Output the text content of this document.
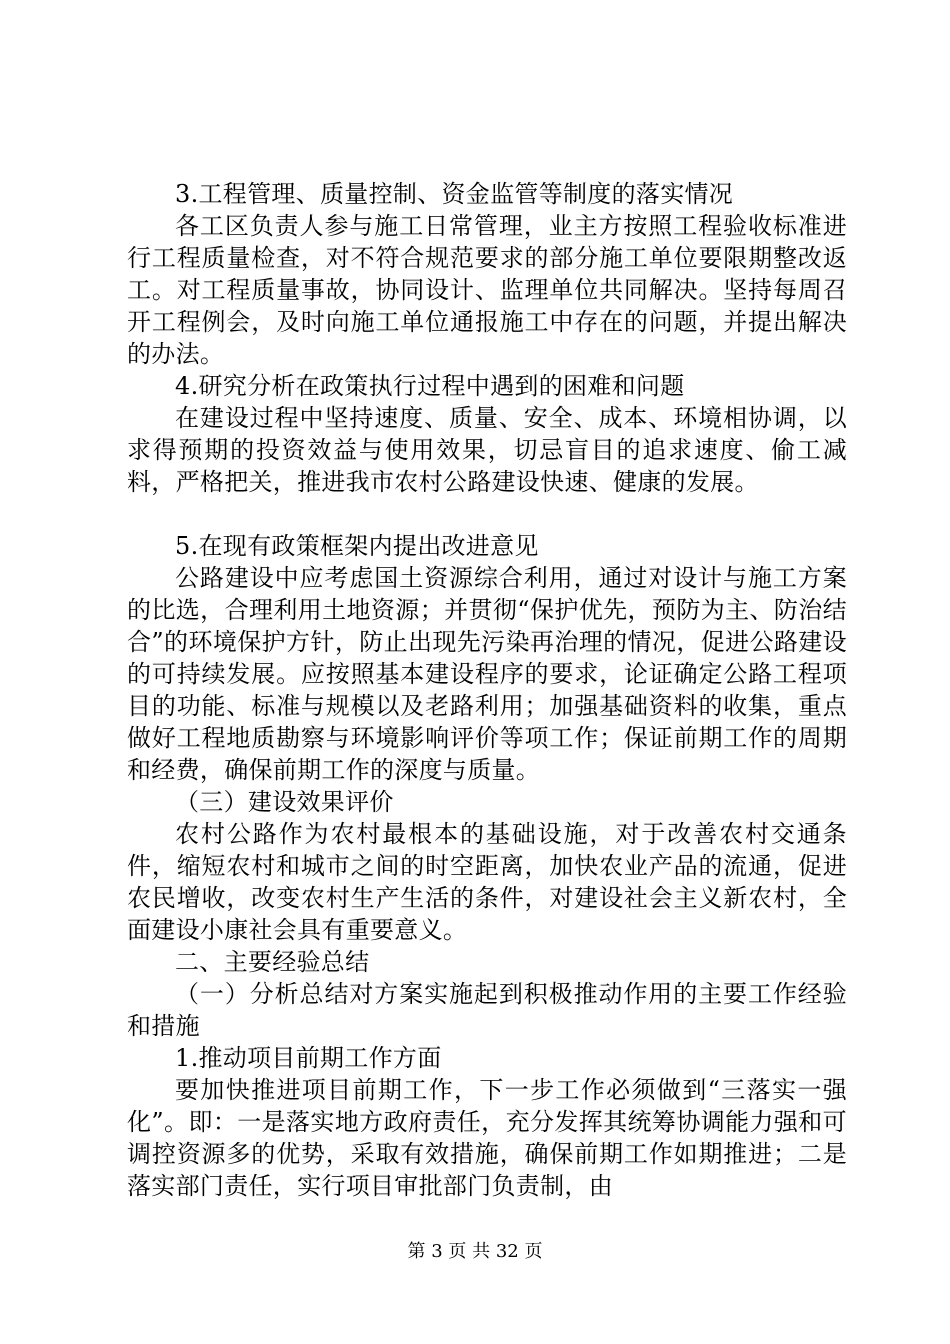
3.工程管理、质量控制、资金监管等制度的落实情况

各工区负责人参与施工日常管理，业主方按照工程验收标准进行工程质量检查，对不符合规范要求的部分施工单位要限期整改返工。对工程质量事故，协同设计、监理单位共同解决。坚持每周召开工程例会，及时向施工单位通报施工中存在的问题，并提出解决的办法。

4.研究分析在政策执行过程中遇到的困难和问题

在建设过程中坚持速度、质量、安全、成本、环境相协调，以求得预期的投资效益与使用效果，切忌盲目的追求速度、偷工减料，严格把关，推进我市农村公路建设快速、健康的发展。

5.在现有政策框架内提出改进意见

公路建设中应考虑国土资源综合利用，通过对设计与施工方案的比选，合理利用土地资源；并贯彻“保护优先，预防为主、防治结合”的环境保护方针，防止出现先污染再治理的情况，促进公路建设的可持续发展。应按照基本建设程序的要求，论证确定公路工程项目的功能、标准与规模以及老路利用；加强基础资料的收集，重点做好工程地质勘察与环境影响评价等项工作；保证前期工作的周期和经费，确保前期工作的深度与质量。

（三）建设效果评价

农村公路作为农村最根本的基础设施，对于改善农村交通条件，缩短农村和城市之间的时空距离，加快农业产品的流通，促进农民增收，改变农村生产生活的条件，对建设社会主义新农村，全面建设小康社会具有重要意义。

二、主要经验总结

（一）分析总结对方案实施起到积极推动作用的主要工作经验和措施

1.推动项目前期工作方面

要加快推进项目前期工作，下一步工作必须做到“三落实一强化”。即：一是落实地方政府责任，充分发挥其统筹协调能力强和可调控资源多的优势，采取有效措施，确保前期工作如期推进；二是落实部门责任，实行项目审批部门负责制，由

第 3 页 共 32 页
